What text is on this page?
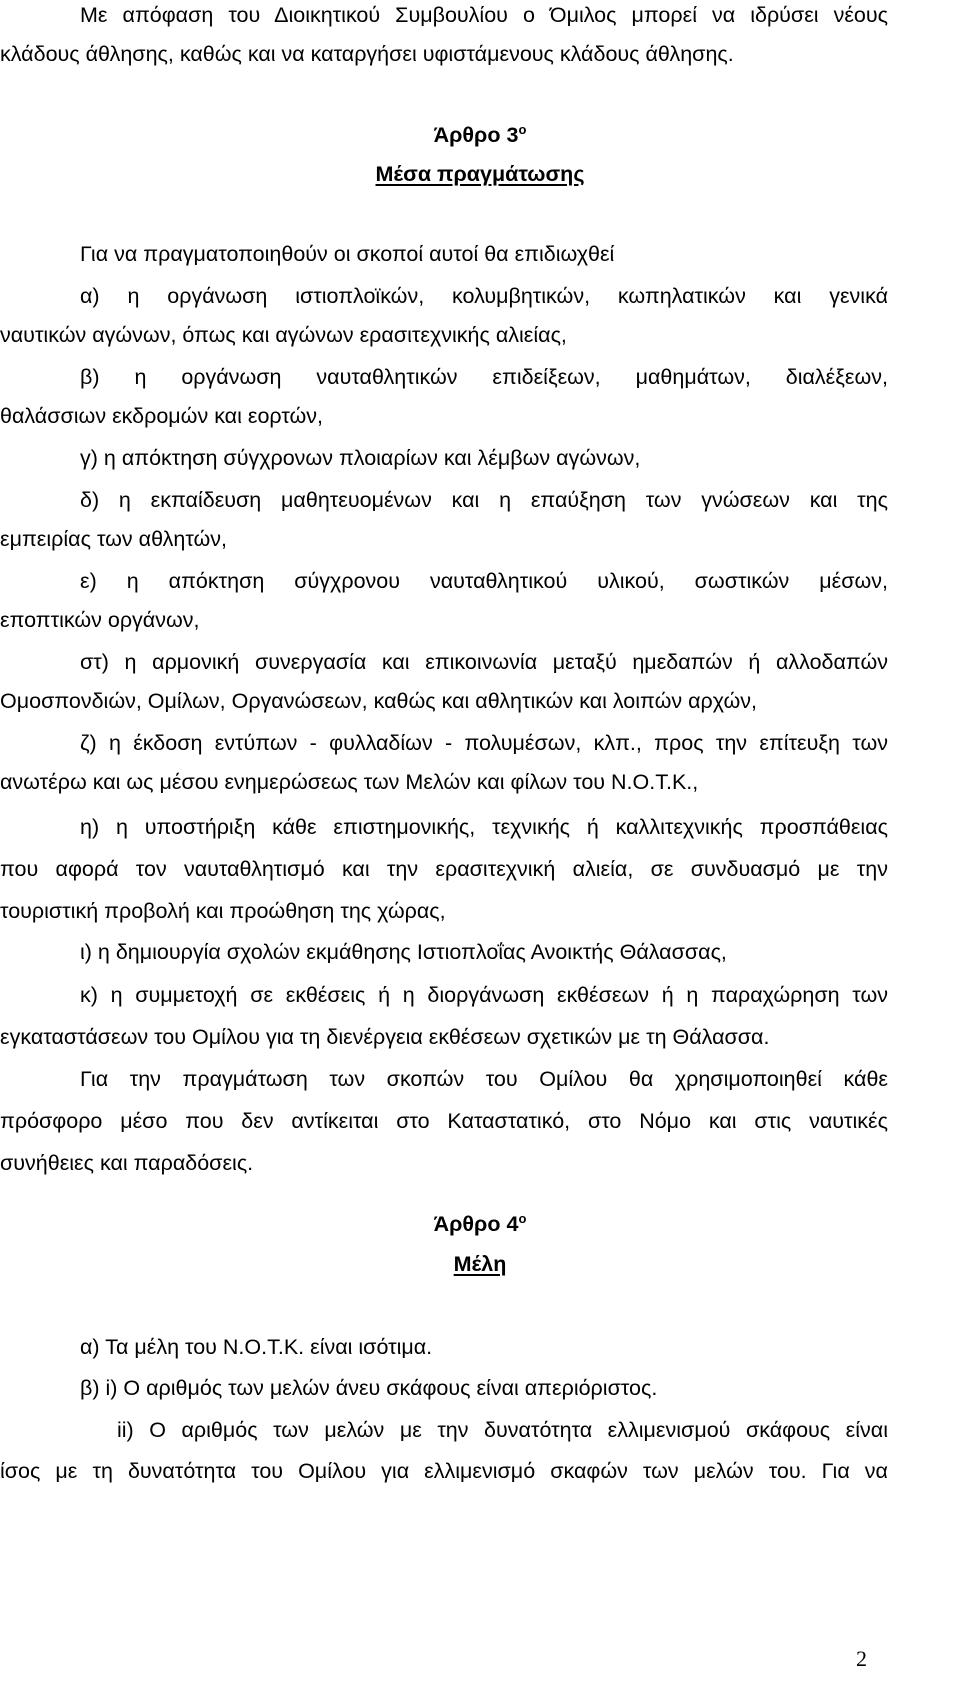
Με απόφαση του Διοικητικού Συμβουλίου ο Όμιλος μπορεί να ιδρύσει νέους
κλάδους άθλησης, καθώς και να καταργήσει υφιστάμενους κλάδους άθλησης.
Άρθρο $3^o$
Μέσα πραγμάτωσης
Για να πραγματοποιηθούν οι σκοποί αυτοί θα επιδιωχθεί
α) η οργάνωση ιστιοπλοϊκών, κολυμβητικών, κωπηλατικών και γενικά
ναυτικών αγώνων, όπως και αγώνων ερασιτεχνικής αλιείας,
β) η οργάνωση ναυταθλητικών επιδείξεων, μαθημάτων, διαλέξεων,
θαλάσσιων εκδρομών και εορτών,
γ) η απόκτηση σύγχρονων πλοιαρίων και λέμβων αγώνων,
δ) η εκπαίδευση μαθητευομένων και η επαύξηση των γνώσεων και της
εμπειρίας των αθλητών,
ε) η απόκτηση σύγχρονου ναυταθλητικού υλικού, σωστικών μέσων,
εποπτικών οργάνων,
στ) η αρμονική συνεργασία και επικοινωνία μεταξύ ημεδαπών ή αλλοδαπών
Ομοσπονδιών, Ομίλων, Οργανώσεων, καθώς και αθλητικών και λοιπών αρχών,
ζ) η έκδοση εντύπων - φυλλαδίων - πολυμέσων, κλπ., προς την επίτευξη των
ανωτέρω και ως μέσου ενημερώσεως των Μελών και φίλων του Ν.Ο.Τ.Κ.,
η) η υποστήριξη κάθε επιστημονικής, τεχνικής ή καλλιτεχνικής προσπάθειας
που αφορά τον ναυταθλητισμό και την ερασιτεχνική αλιεία, σε συνδυασμό με την
τουριστική προβολή και προώθηση της χώρας,
ι) η δημιουργία σχολών εκμάθησης Ιστιοπλοΐας Ανοικτής Θάλασσας,
κ) η συμμετοχή σε εκθέσεις ή η διοργάνωση εκθέσεων ή η παραχώρηση των
εγκαταστάσεων του Ομίλου για τη διενέργεια εκθέσεων σχετικών με τη Θάλασσα.
Για την πραγμάτωση των σκοπών του Ομίλου θα χρησιμοποιηθεί κάθε
πρόσφορο μέσο που δεν αντίκειται στο Καταστατικό, στο Νόμο και στις ναυτικές
συνήθειες και παραδόσεις.
Άρθρο $4^o$
Μέλη
α) Τα μέλη του Ν.Ο.Τ.Κ. είναι ισότιμα.
β) i) Ο αριθμός των μελών άνευ σκάφους είναι απεριόριστος.
ii) Ο αριθμός των μελών με την δυνατότητα ελλιμενισμού σκάφους είναι
ίσος με τη δυνατότητα του Ομίλου για ελλιμενισμό σκαφών των μελών του. Για να
2
